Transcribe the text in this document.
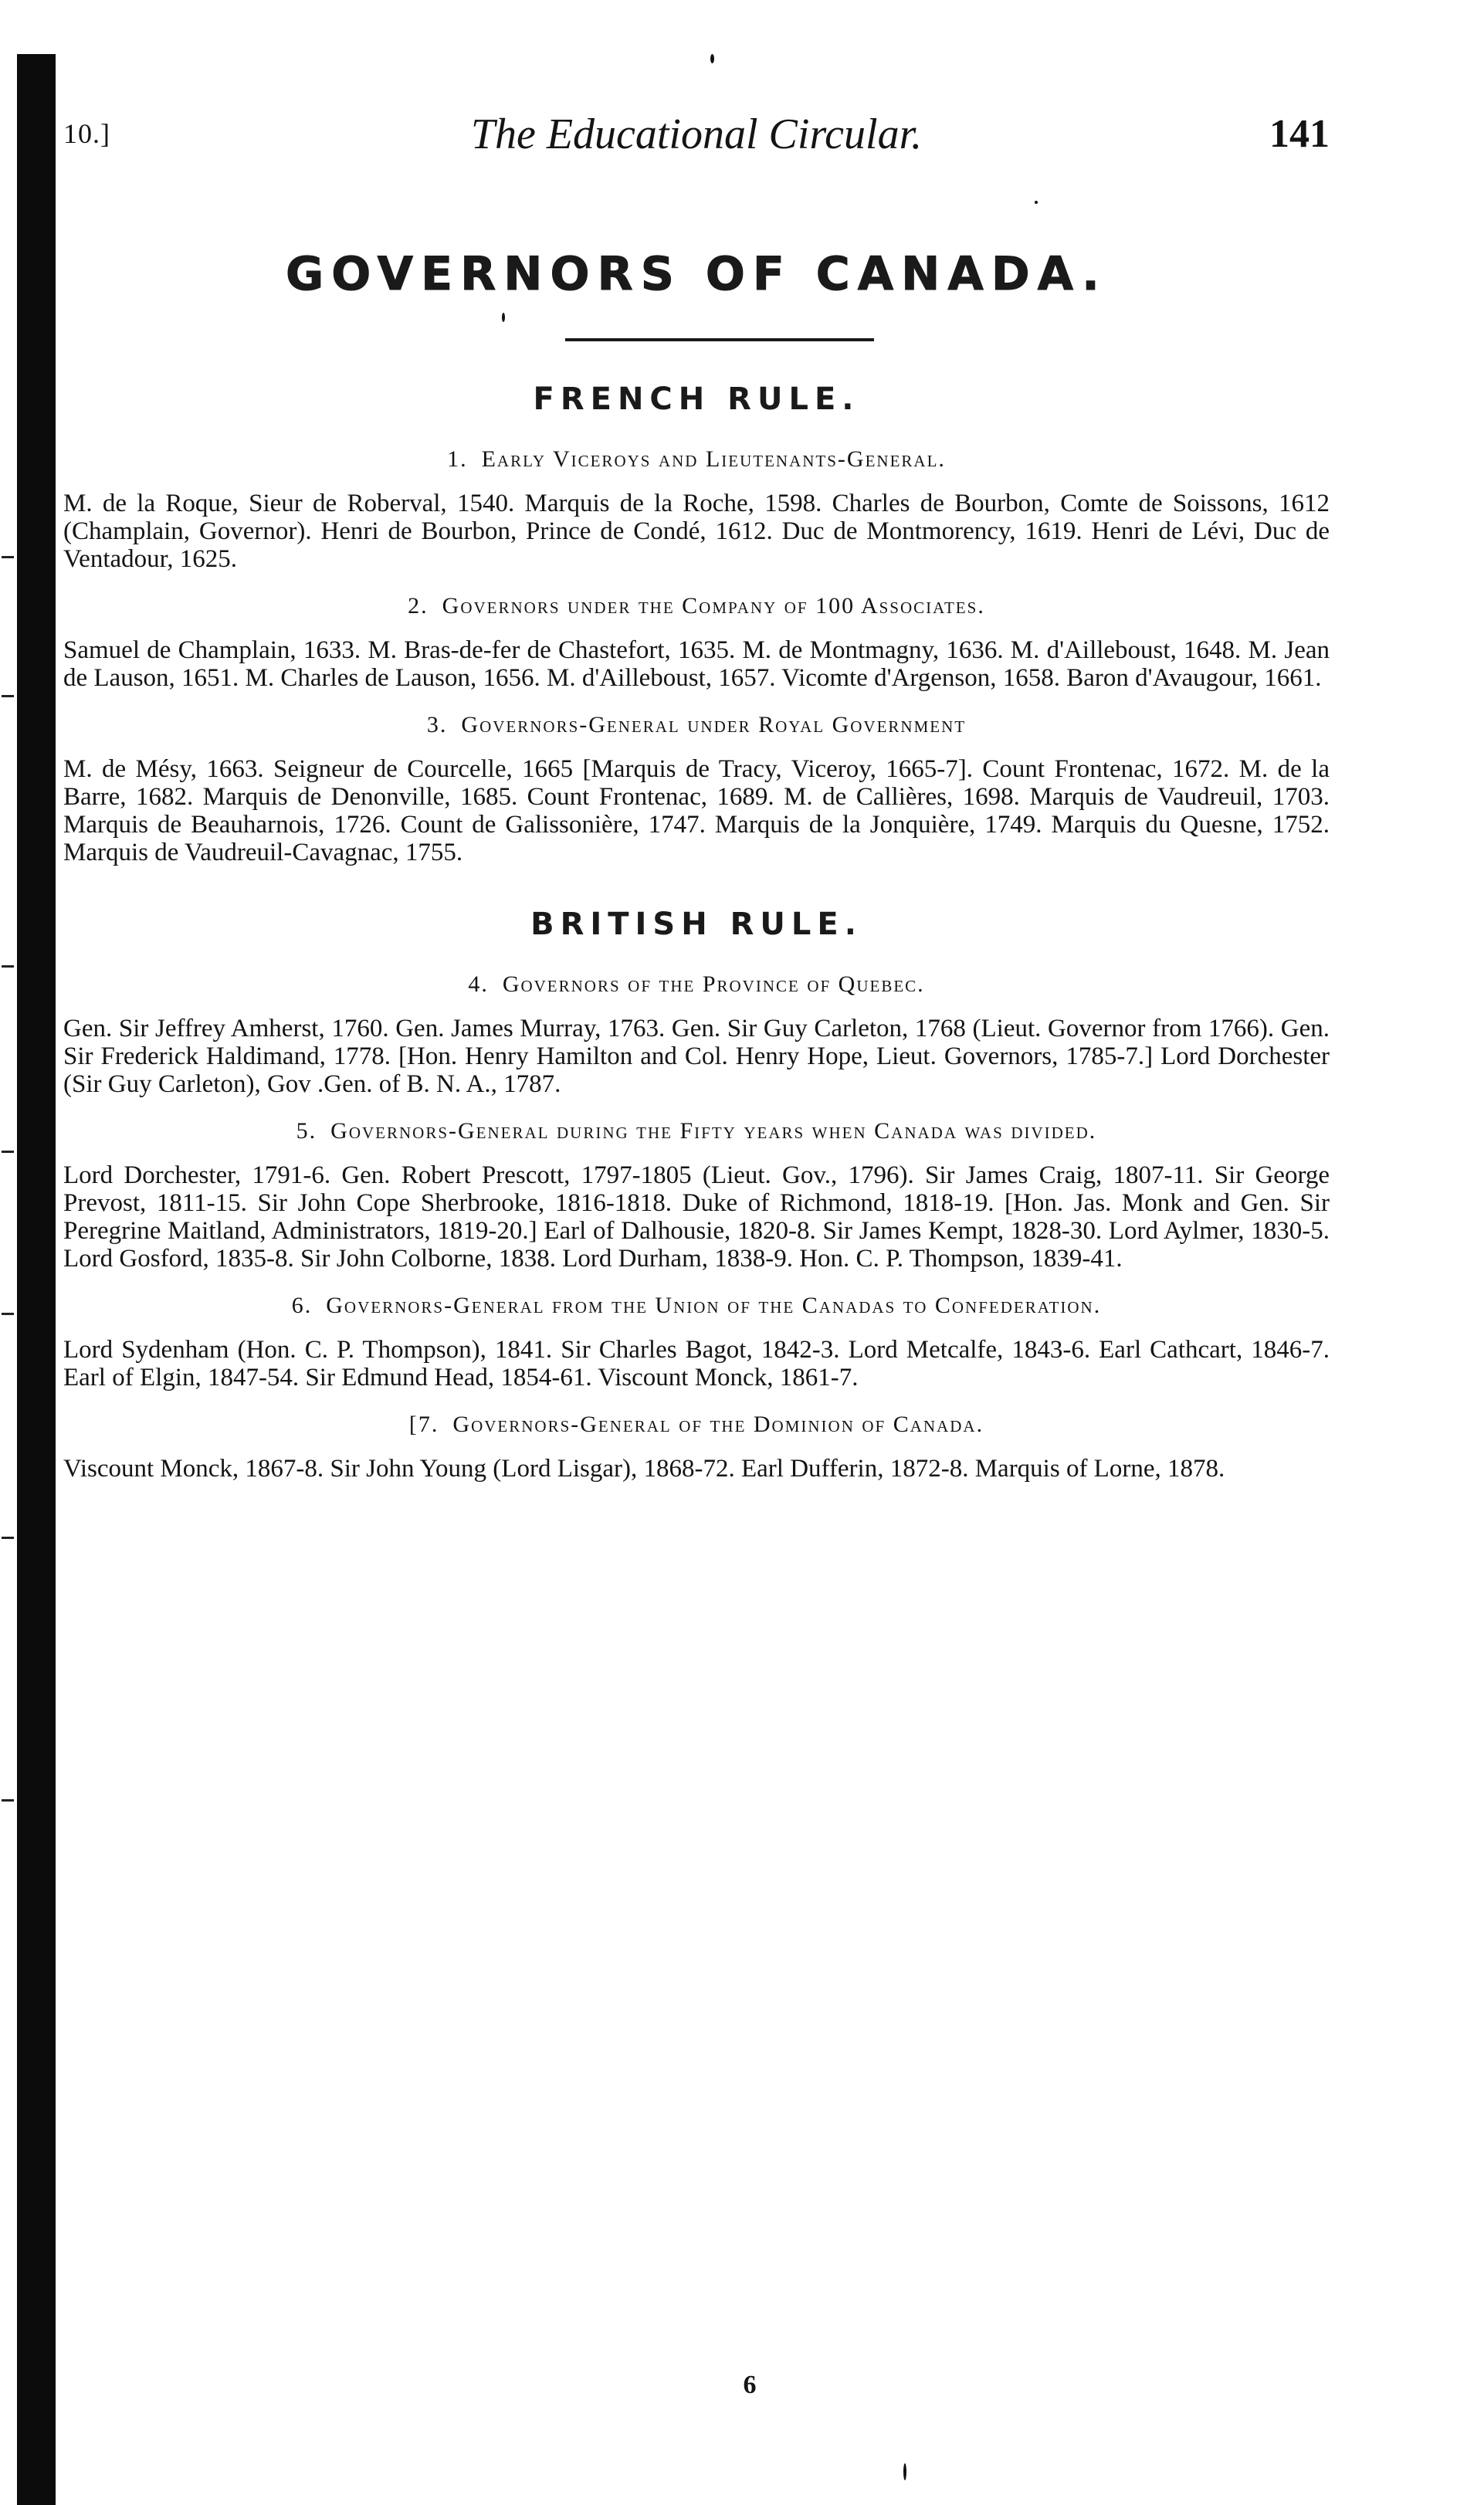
10.]	The Educational Circular.	141
GOVERNORS OF CANADA.
FRENCH RULE.
1. Early Viceroys and Lieutenants-General.

M. de la Roque, Sieur de Roberval, 1540. Marquis de la Roche, 1598. Charles de Bourbon, Comte de Soissons, 1612 (Champlain, Governor). Henri de Bourbon, Prince de Condé, 1612. Duc de Montmorency, 1619. Henri de Lévi, Duc de Ventadour, 1625.

2. Governors under the Company of 100 Associates.

Samuel de Champlain, 1633. M. Bras-de-fer de Chastefort, 1635. M. de Montmagny, 1636. M. d'Ailleboust, 1648. M. Jean de Lauson, 1651. M. Charles de Lauson, 1656. M. d'Ailleboust, 1657. Vicomte d'Argenson, 1658. Baron d'Avaugour, 1661.

3. Governors-General under Royal Government

M. de Mésy, 1663. Seigneur de Courcelle, 1665 [Marquis de Tracy, Viceroy, 1665-7]. Count Frontenac, 1672. M. de la Barre, 1682. Marquis de Denonville, 1685. Count Frontenac, 1689. M. de Callières, 1698. Marquis de Vaudreuil, 1703. Marquis de Beauharnois, 1726. Count de Galissonière, 1747. Marquis de la Jonquière, 1749. Marquis du Quesne, 1752. Marquis de Vaudreuil-Cavagnac, 1755.

BRITISH RULE.
4. Governors of the Province of Quebec.

Gen. Sir Jeffrey Amherst, 1760. Gen. James Murray, 1763. Gen. Sir Guy Carleton, 1768 (Lieut. Governor from 1766). Gen. Sir Frederick Haldimand, 1778. [Hon. Henry Hamilton and Col. Henry Hope, Lieut. Governors, 1785-7.] Lord Dorchester (Sir Guy Carleton), Gov .Gen. of B. N. A., 1787.

5. Governors-General during the Fifty years when Canada was divided.

Lord Dorchester, 1791-6. Gen. Robert Prescott, 1797-1805 (Lieut. Gov., 1796). Sir James Craig, 1807-11. Sir George Prevost, 1811-15. Sir John Cope Sherbrooke, 1816-1818. Duke of Richmond, 1818-19. [Hon. Jas. Monk and Gen. Sir Peregrine Maitland, Administrators, 1819-20.] Earl of Dalhousie, 1820-8. Sir James Kempt, 1828-30. Lord Aylmer, 1830-5. Lord Gosford, 1835-8. Sir John Colborne, 1838. Lord Durham, 1838-9. Hon. C. P. Thompson, 1839-41.

6. Governors-General from the Union of the Canadas to Confederation.

Lord Sydenham (Hon. C. P. Thompson), 1841. Sir Charles Bagot, 1842-3. Lord Metcalfe, 1843-6. Earl Cathcart, 1846-7. Earl of Elgin, 1847-54. Sir Edmund Head, 1854-61. Viscount Monck, 1861-7.

[7. Governors-General of the Dominion of Canada.

Viscount Monck, 1867-8. Sir John Young (Lord Lisgar), 1868-72. Earl Dufferin, 1872-8. Marquis of Lorne, 1878.

6
